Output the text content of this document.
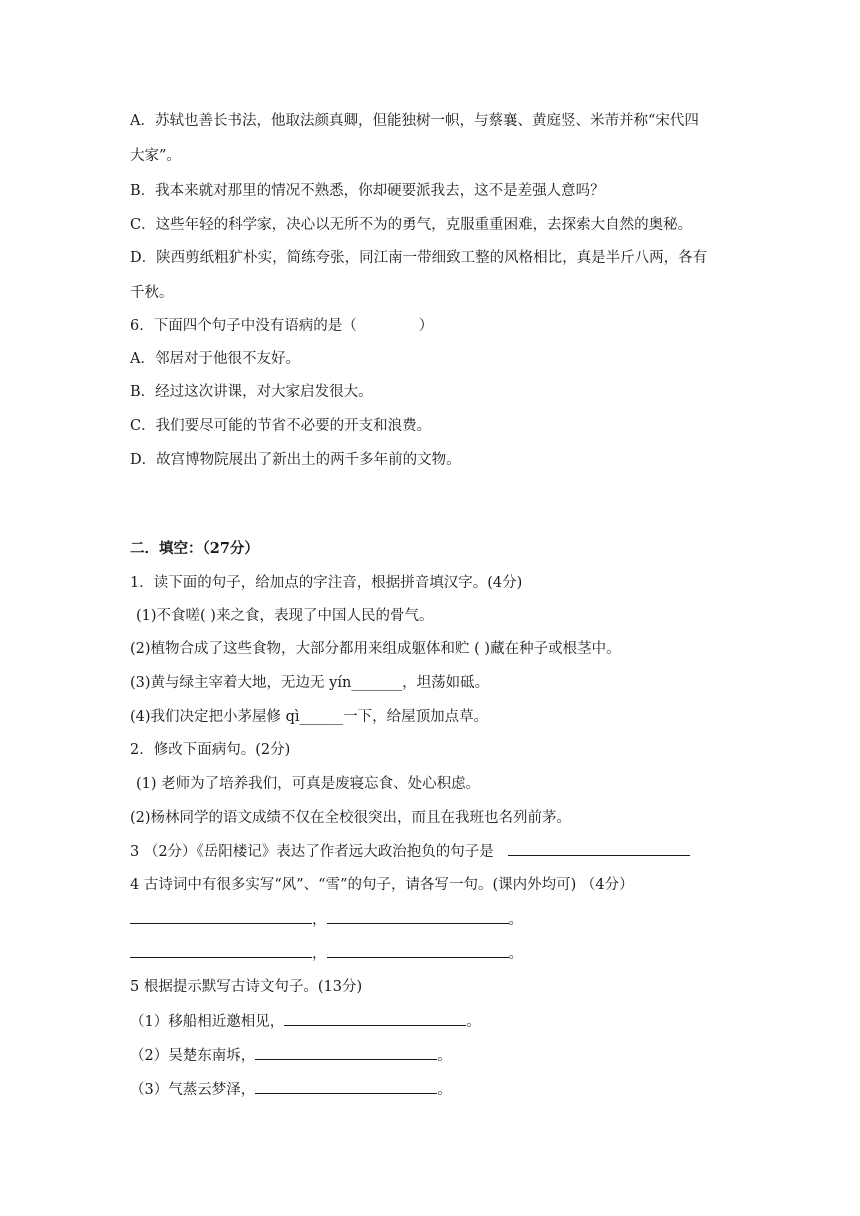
A．苏轼也善长书法，他取法颜真卿，但能独树一帜，与蔡襄、黄庭竖、米芾并称“宋代四
大家”。
B．我本来就对那里的情况不熟悉，你却硬要派我去，这不是差强人意吗？
C．这些年轻的科学家，决心以无所不为的勇气，克服重重困难，去探索大自然的奥秘。
D．陕西剪纸粗犷朴实，简练夸张，同江南一带细致工整的风格相比，真是半斤八两，各有
千秋。
6．下面四个句子中没有语病的是（	）
A．邻居对于他很不友好。
B．经过这次讲课，对大家启发很大。
C．我们要尽可能的节省不必要的开支和浪费。
D．故宫博物院展出了新出土的两千多年前的文物。
二．填空：（27分）
1．读下面的句子，给加点的字注音，根据拼音填汉字。(4分)
(1)不食嗟( )来之食，表现了中国人民的骨气。
(2)植物合成了这些食物，大部分都用来组成躯体和贮 ( )藏在种子或根茎中。
(3)黄与绿主宰着大地，无边无 yín_______，坦荡如砥。
(4)我们决定把小茅屋修 qì______一下，给屋顶加点草。
2．修改下面病句。(2分)
(1) 老师为了培养我们，可真是废寝忘食、处心积虑。
(2)杨林同学的语文成绩不仅在全校很突出，而且在我班也名列前茅。
3 （2分）《岳阳楼记》表达了作者远大政治抱负的句子是
4 古诗词中有很多实写“风”、“雪”的句子，请各写一句。(课内外均可) （4分）
，	。
，	。
5 根据提示默写古诗文句子。(13分)
（1）移船相近邀相见，	。
（2）吴楚东南坼，	。
（3）气蒸云梦泽，	。
